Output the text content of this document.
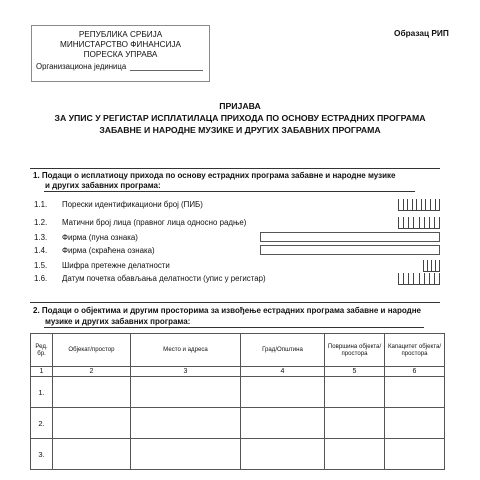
РЕПУБЛИКА СРБИЈА
МИНИСТАРСТВО ФИНАНСИЈА
ПОРЕСКА УПРАВА
Организациона јединица
Образац РИП
ПРИЈАВА
ЗА УПИС У РЕГИСТАР ИСПЛАТИЛАЦА ПРИХОДА ПО ОСНОВУ ЕСТРАДНИХ ПРОГРАМА
ЗАБАВНЕ И НАРОДНЕ МУЗИКЕ И ДРУГИХ ЗАБАВНИХ ПРОГРАМА
1. Подаци о исплатиоцу прихода по основу естрадних програма забавне и народне музике
и других забавних програма:
1.1. Порески идентификациони број (ПИБ)
1.2. Матични број лица (правног лица односно радње)
1.3. Фирма (пуна ознака)
1.4. Фирма (скраћена ознака)
1.5. Шифра претежне делатности
1.6. Датум почетка обављања делатности (упис у регистар)
2. Подаци о објектима и другим просторима за извођење естрадних програма забавне и народне
музике и других забавних програма:
Ред. бр.	Објекат/простор	Место и адреса	Град/Општина	Површина објекта/простора	Капацитет објекта/простора
1	2	3	4	5	6
1.					
2.					
3.					
